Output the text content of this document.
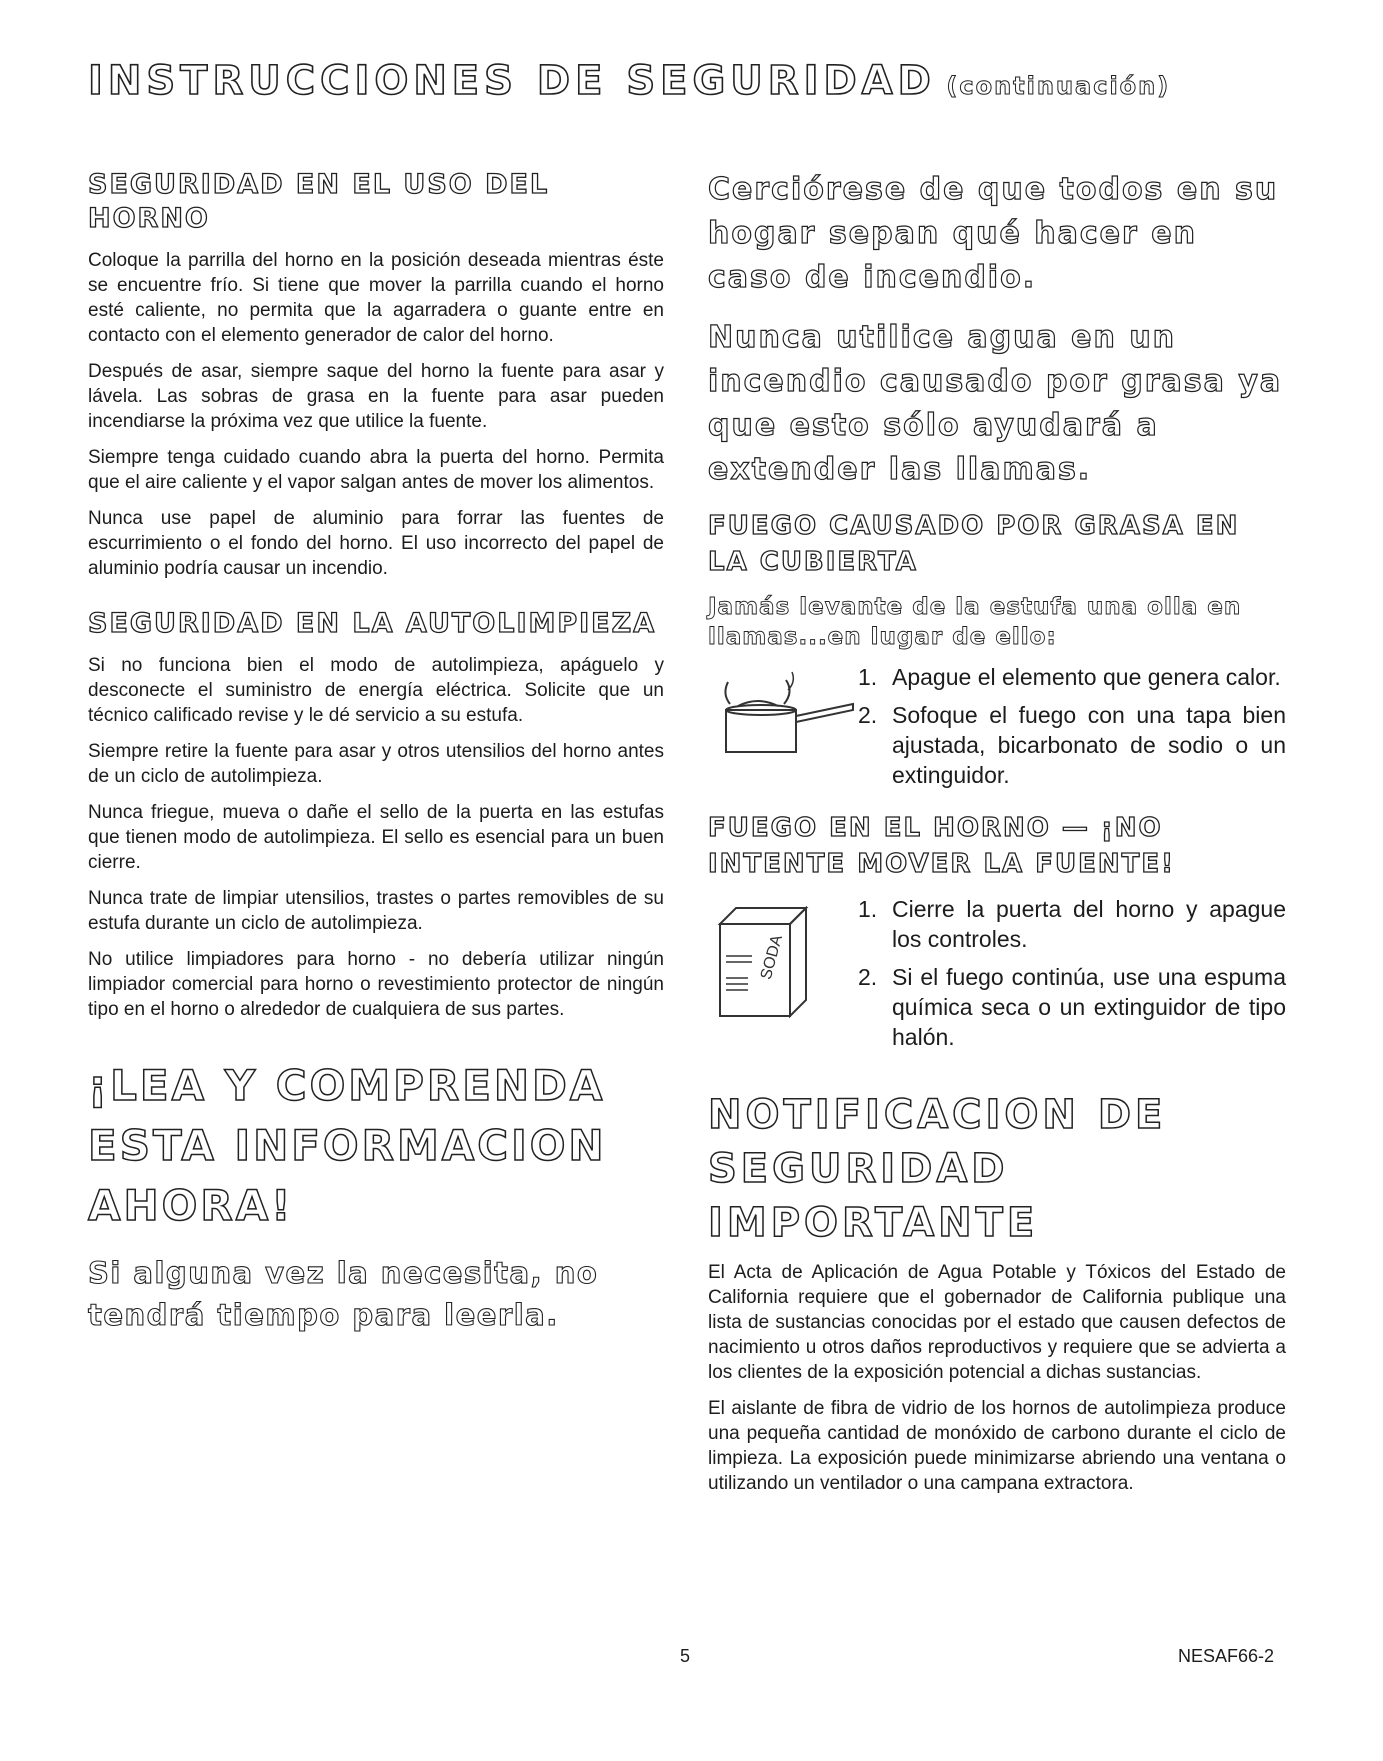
INSTRUCCIONES DE SEGURIDAD (continuación)
SEGURIDAD EN EL USO DEL HORNO

Coloque la parrilla del horno en la posición deseada mientras éste se encuentre frío. Si tiene que mover la parrilla cuando el horno esté caliente, no permita que la agarradera o guante entre en contacto con el elemento generador de calor del horno.

Después de asar, siempre saque del horno la fuente para asar y lávela. Las sobras de grasa en la fuente para asar pueden incendiarse la próxima vez que utilice la fuente.

Siempre tenga cuidado cuando abra la puerta del horno. Permita que el aire caliente y el vapor salgan antes de mover los alimentos.

Nunca use papel de aluminio para forrar las fuentes de escurrimiento o el fondo del horno. El uso incorrecto del papel de aluminio podría causar un incendio.

SEGURIDAD EN LA AUTOLIMPIEZA

Si no funciona bien el modo de autolimpieza, apáguelo y desconecte el suministro de energía eléctrica. Solicite que un técnico calificado revise y le dé servicio a su estufa.

Siempre retire la fuente para asar y otros utensilios del horno antes de un ciclo de autolimpieza.

Nunca friegue, mueva o dañe el sello de la puerta en las estufas que tienen modo de autolimpieza. El sello es esencial para un buen cierre.

Nunca trate de limpiar utensilios, trastes o partes removibles de su estufa durante un ciclo de autolimpieza.

No utilice limpiadores para horno - no debería utilizar ningún limpiador comercial para horno o revestimiento protector de ningún tipo en el horno o alrededor de cualquiera de sus partes.

¡LEA Y COMPRENDA ESTA INFORMACION AHORA!
Si alguna vez la necesita, no tendrá tiempo para leerla.
Cerciórese de que todos en su hogar sepan qué hacer en caso de incendio.
Nunca utilice agua en un incendio causado por grasa ya que esto sólo ayudará a extender las llamas.
FUEGO CAUSADO POR GRASA EN LA CUBIERTA
Jamás levante de la estufa una olla en llamas...en lugar de ello:
1. Apague el elemento que genera calor.
2. Sofoque el fuego con una tapa bien ajustada, bicarbonato de sodio o un extinguidor.
FUEGO EN EL HORNO — ¡NO INTENTE MOVER LA FUENTE!
SODA
1. Cierre la puerta del horno y apague los controles.
2. Si el fuego continúa, use una espuma química seca o un extinguidor de tipo halón.
NOTIFICACION DE SEGURIDAD IMPORTANTE

El Acta de Aplicación de Agua Potable y Tóxicos del Estado de California requiere que el gobernador de California publique una lista de sustancias conocidas por el estado que causen defectos de nacimiento u otros daños reproductivos y requiere que se advierta a los clientes de la exposición potencial a dichas sustancias.

El aislante de fibra de vidrio de los hornos de autolimpieza produce una pequeña cantidad de monóxido de carbono durante el ciclo de limpieza. La exposición puede minimizarse abriendo una ventana o utilizando un ventilador o una campana extractora.

5	NESAF66-2
